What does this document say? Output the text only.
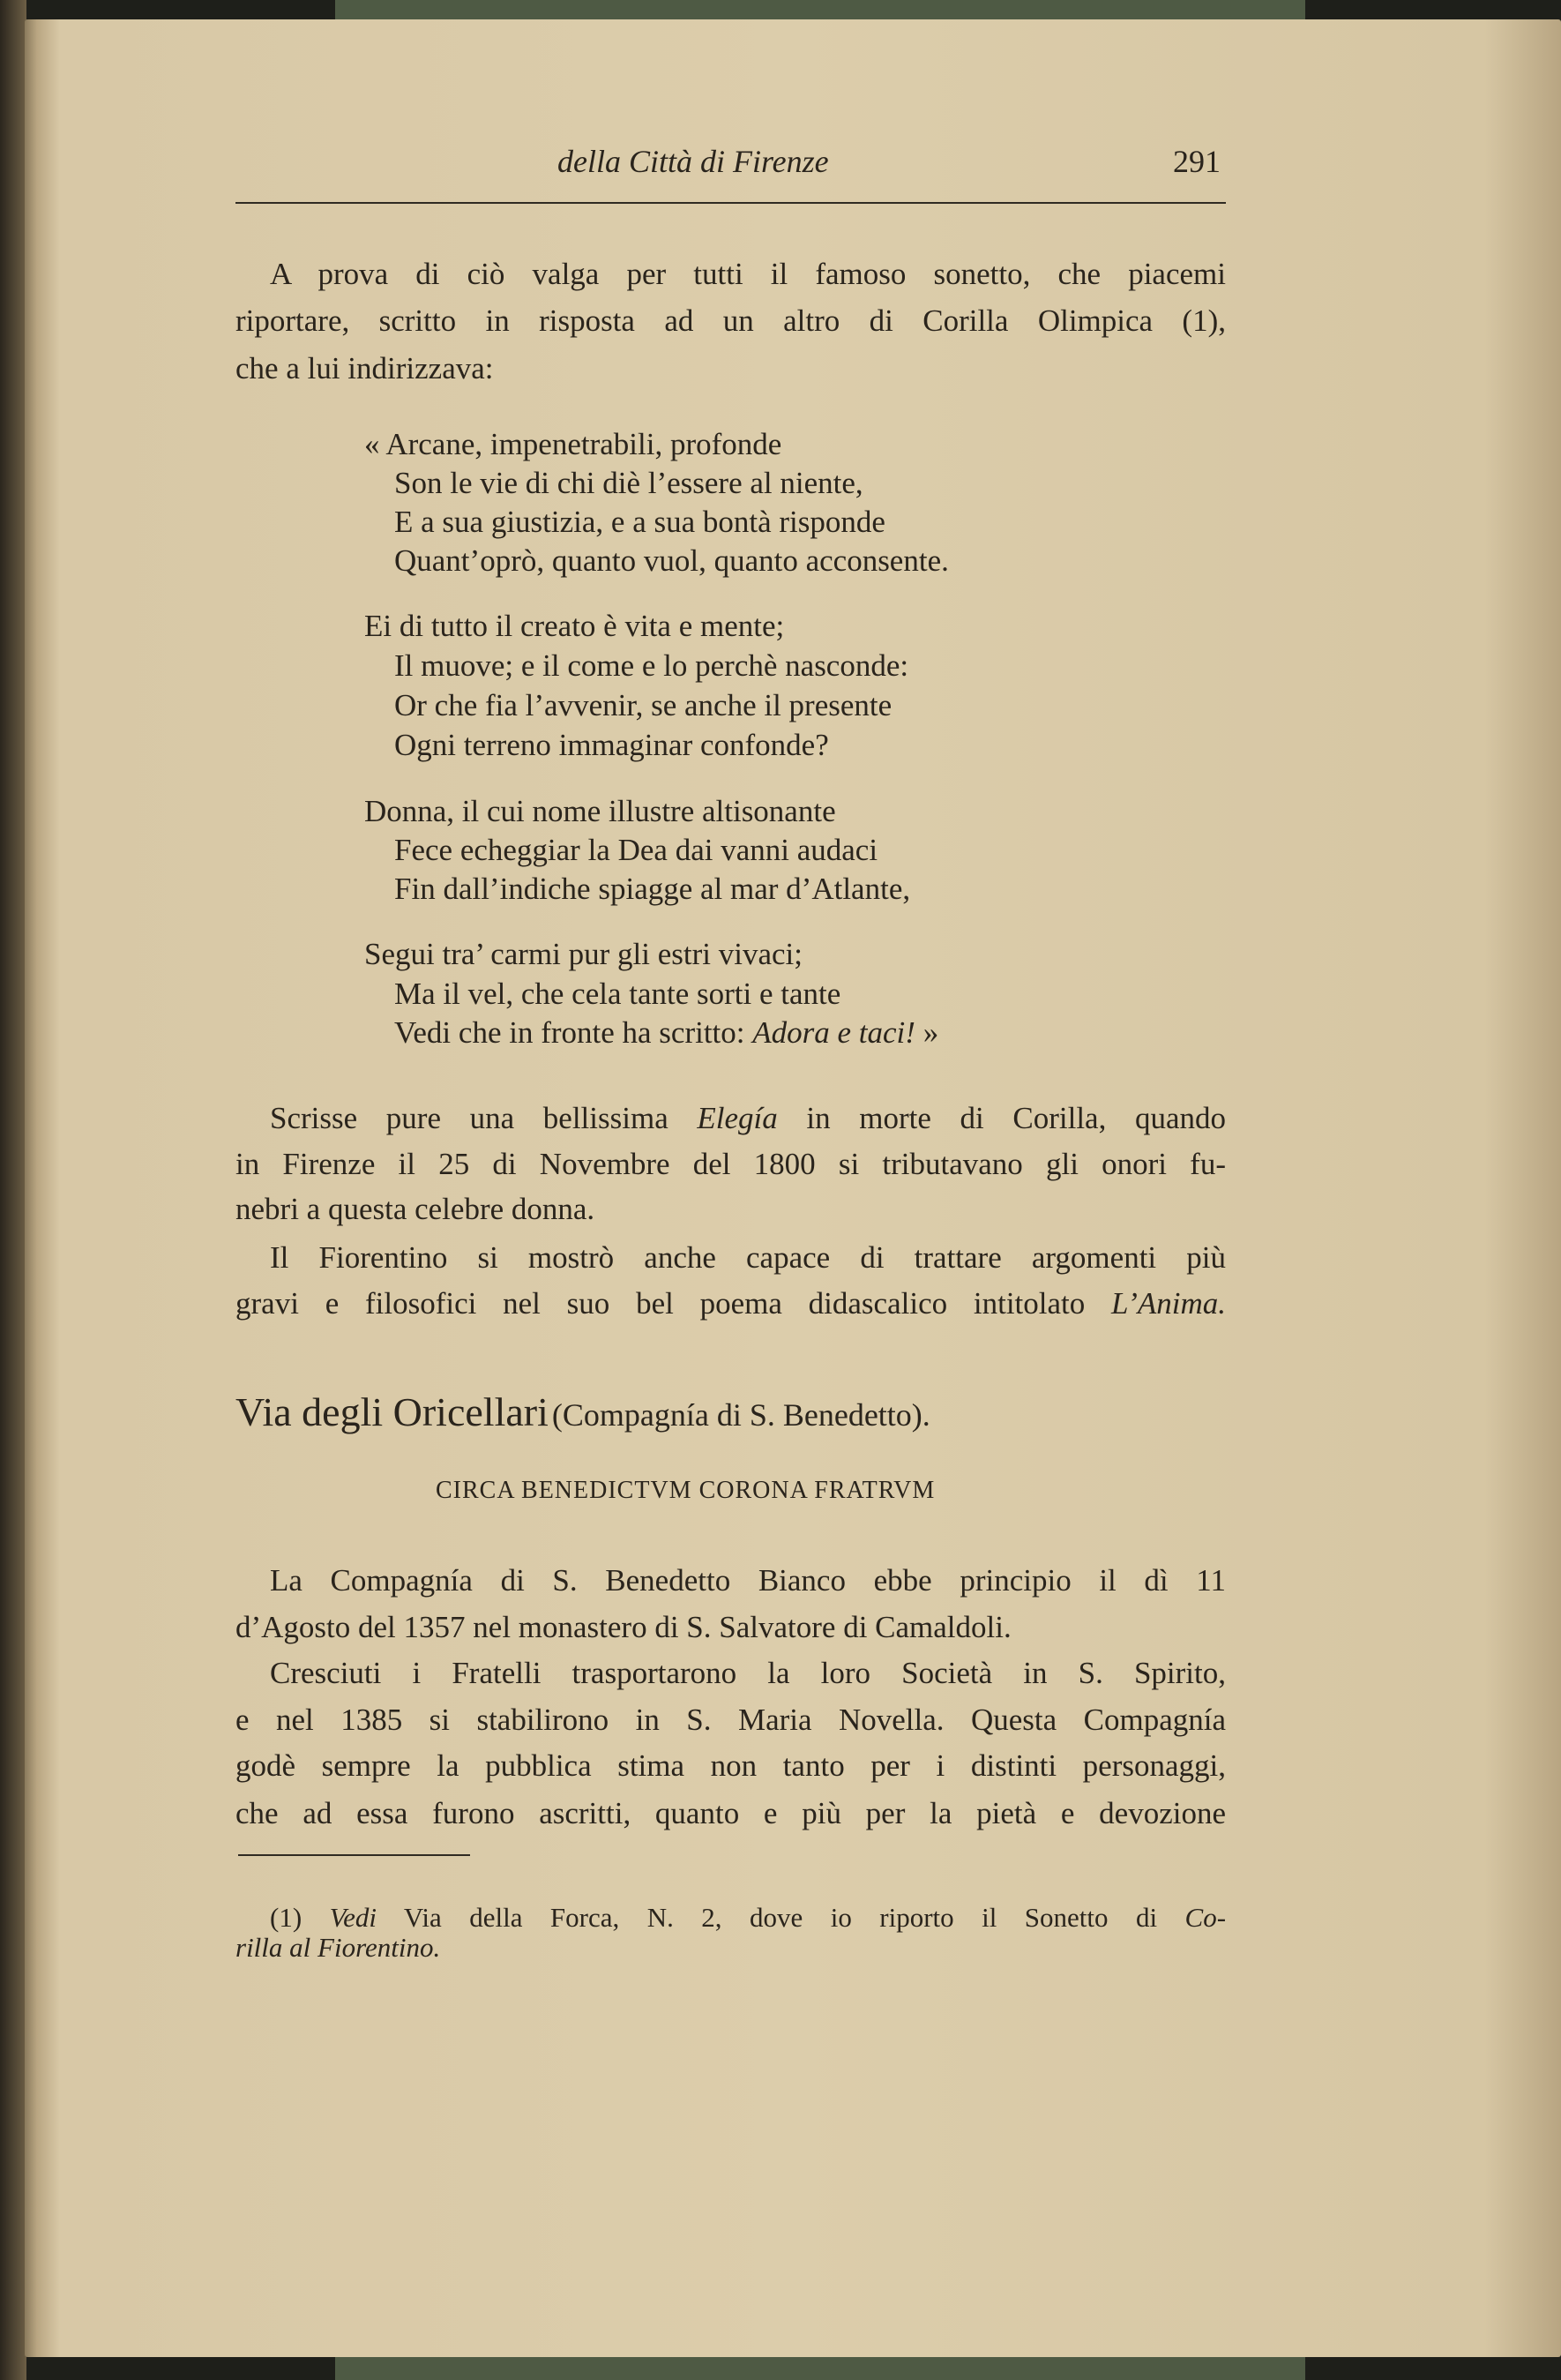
della Città di Firenze	291
Via degli Oricellari (Compagnía di S. Benedetto).
CIRCA BENEDICTVM CORONA FRATRVM
A prova di ciò valga per tutti il famoso sonetto, che piacemi
riportare, scritto in risposta ad un altro di Corilla Olimpica (1),
che a lui indirizzava:
« Arcane, impenetrabili, profonde
Son le vie di chi diè l’essere al niente,
E a sua giustizia, e a sua bontà risponde
Quant’oprò, quanto vuol, quanto acconsente.
Ei di tutto il creato è vita e mente;
Il muove; e il come e lo perchè nasconde:
Or che fia l’avvenir, se anche il presente
Ogni terreno immaginar confonde?
Donna, il cui nome illustre altisonante
Fece echeggiar la Dea dai vanni audaci
Fin dall’indiche spiagge al mar d’Atlante,
Segui tra’ carmi pur gli estri vivaci;
Ma il vel, che cela tante sorti e tante
Vedi che in fronte ha scritto: Adora e taci! »
Scrisse pure una bellissima Elegía in morte di Corilla, quando
in Firenze il 25 di Novembre del 1800 si tributavano gli onori fu-
nebri a questa celebre donna.
Il Fiorentino si mostrò anche capace di trattare argomenti più
gravi e filosofici nel suo bel poema didascalico intitolato L’Anima.
La Compagnía di S. Benedetto Bianco ebbe principio il dì 11
d’Agosto del 1357 nel monastero di S. Salvatore di Camaldoli.
Cresciuti i Fratelli trasportarono la loro Società in S. Spirito,
e nel 1385 si stabilirono in S. Maria Novella. Questa Compagnía
godè sempre la pubblica stima non tanto per i distinti personaggi,
che ad essa furono ascritti, quanto e più per la pietà e devozione
(1) Vedi Via della Forca, N. 2, dove io riporto il Sonetto di Co-
rilla al Fiorentino.
